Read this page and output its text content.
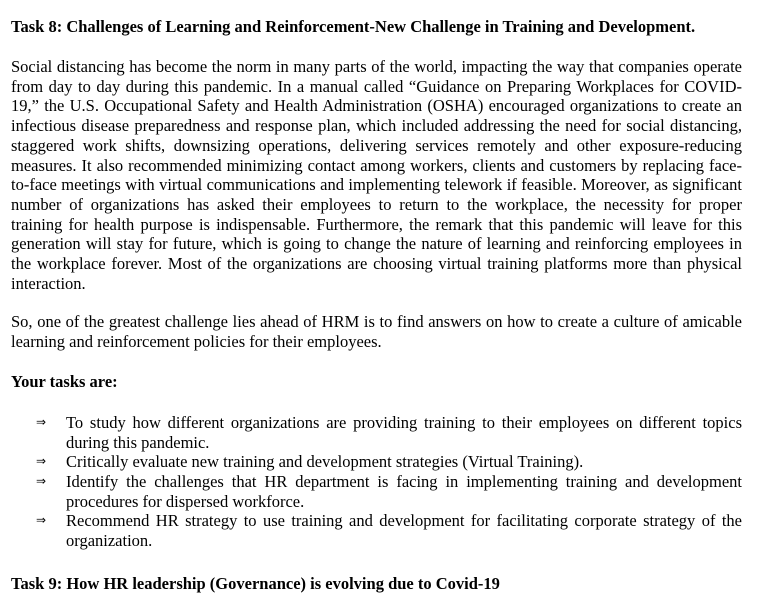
Task 8: Challenges of Learning and Reinforcement-New Challenge in Training and Development.

Social distancing has become the norm in many parts of the world, impacting the way that companies operate from day to day during this pandemic. In a manual called “Guidance on Preparing Workplaces for COVID-19,” the U.S. Occupational Safety and Health Administration (OSHA) encouraged organizations to create an infectious disease preparedness and response plan, which included addressing the need for social distancing, staggered work shifts, downsizing operations, delivering services remotely and other exposure-reducing measures. It also recommended minimizing contact among workers, clients and customers by replacing face-to-face meetings with virtual communications and implementing telework if feasible. Moreover, as significant number of organizations has asked their employees to return to the workplace, the necessity for proper training for health purpose is indispensable. Furthermore, the remark that this pandemic will leave for this generation will stay for future, which is going to change the nature of learning and reinforcing employees in the workplace forever. Most of the organizations are choosing virtual training platforms more than physical interaction.

So, one of the greatest challenge lies ahead of HRM is to find answers on how to create a culture of amicable learning and reinforcement policies for their employees.

Your tasks are:
⇒	To study how different organizations are providing training to their employees on different topics during this pandemic.
⇒	Critically evaluate new training and development strategies (Virtual Training).
⇒	Identify the challenges that HR department is facing in implementing training and development procedures for dispersed workforce.
⇒	Recommend HR strategy to use training and development for facilitating corporate strategy of the organization.
Task 9: How HR leadership (Governance) is evolving due to Covid-19
